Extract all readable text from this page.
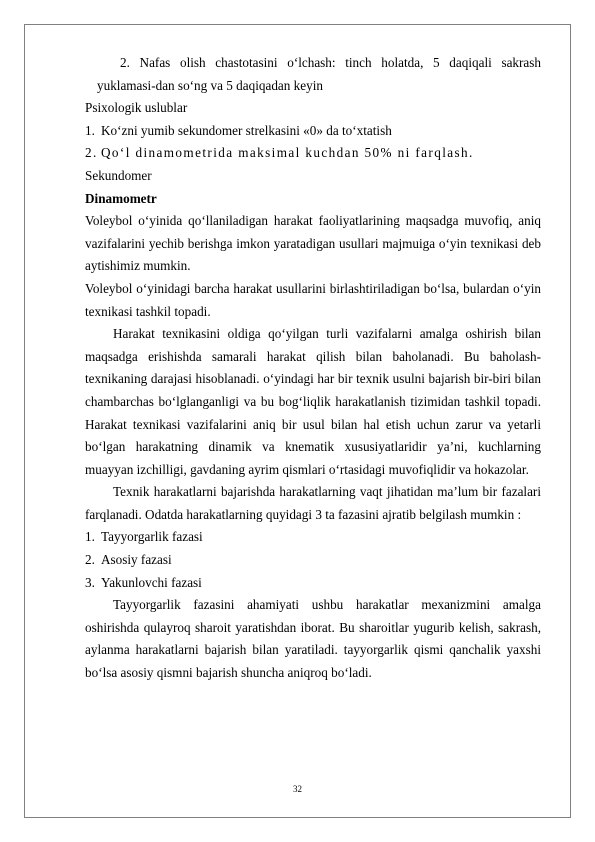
2. Nafas olish chastotasini o‘lchash: tinch holatda, 5 daqiqali sakrash

yuklamasi-dan so‘ng va 5 daqiqadan keyin

Psixologik uslublar

1. Ko‘zni yumib sekundomer strelkasini «0» da to‘xtatish

2. Qo‘l dinamometrida maksimal kuchdan 50% ni farqlash.

Sekundomer

Dinamometr

Voleybol o‘yinida qo‘llaniladigan harakat faoliyatlarining maqsadga muvofiq, aniq vazifalarini yechib berishga imkon yaratadigan usullari majmuiga o‘yin texnikasi deb aytishimiz mumkin.

Voleybol o‘yinidagi barcha harakat usullarini birlashtiriladigan bo‘lsa, bulardan o‘yin texnikasi tashkil topadi.

Harakat texnikasini oldiga qo‘yilgan turli vazifalarni amalga oshirish bilan maqsadga erishishda samarali harakat qilish bilan baholanadi. Bu baholash-texnikaning darajasi hisoblanadi. o‘yindagi har bir texnik usulni bajarish bir-biri bilan chambarchas bo‘lglanganligi va bu bog‘liqlik harakatlanish tizimidan tashkil topadi. Harakat texnikasi vazifalarini aniq bir usul bilan hal etish uchun zarur va yetarli bo‘lgan harakatning dinamik va knematik xususiyatlaridir ya’ni, kuchlarning muayyan izchilligi, gavdaning ayrim qismlari o‘rtasidagi muvofiqlidir va hokazolar.

Texnik harakatlarni bajarishda harakatlarning vaqt jihatidan ma’lum bir fazalari farqlanadi. Odatda harakatlarning quyidagi 3 ta fazasini ajratib belgilash mumkin :

1. Tayyorgarlik fazasi

2. Asosiy fazasi

3. Yakunlovchi fazasi

Tayyorgarlik fazasini ahamiyati ushbu harakatlar mexanizmini amalga oshirishda qulayroq sharoit yaratishdan iborat. Bu sharoitlar yugurib kelish, sakrash, aylanma harakatlarni bajarish bilan yaratiladi. tayyorgarlik qismi qanchalik yaxshi bo‘lsa asosiy qismni bajarish shuncha aniqroq bo‘ladi.

32
